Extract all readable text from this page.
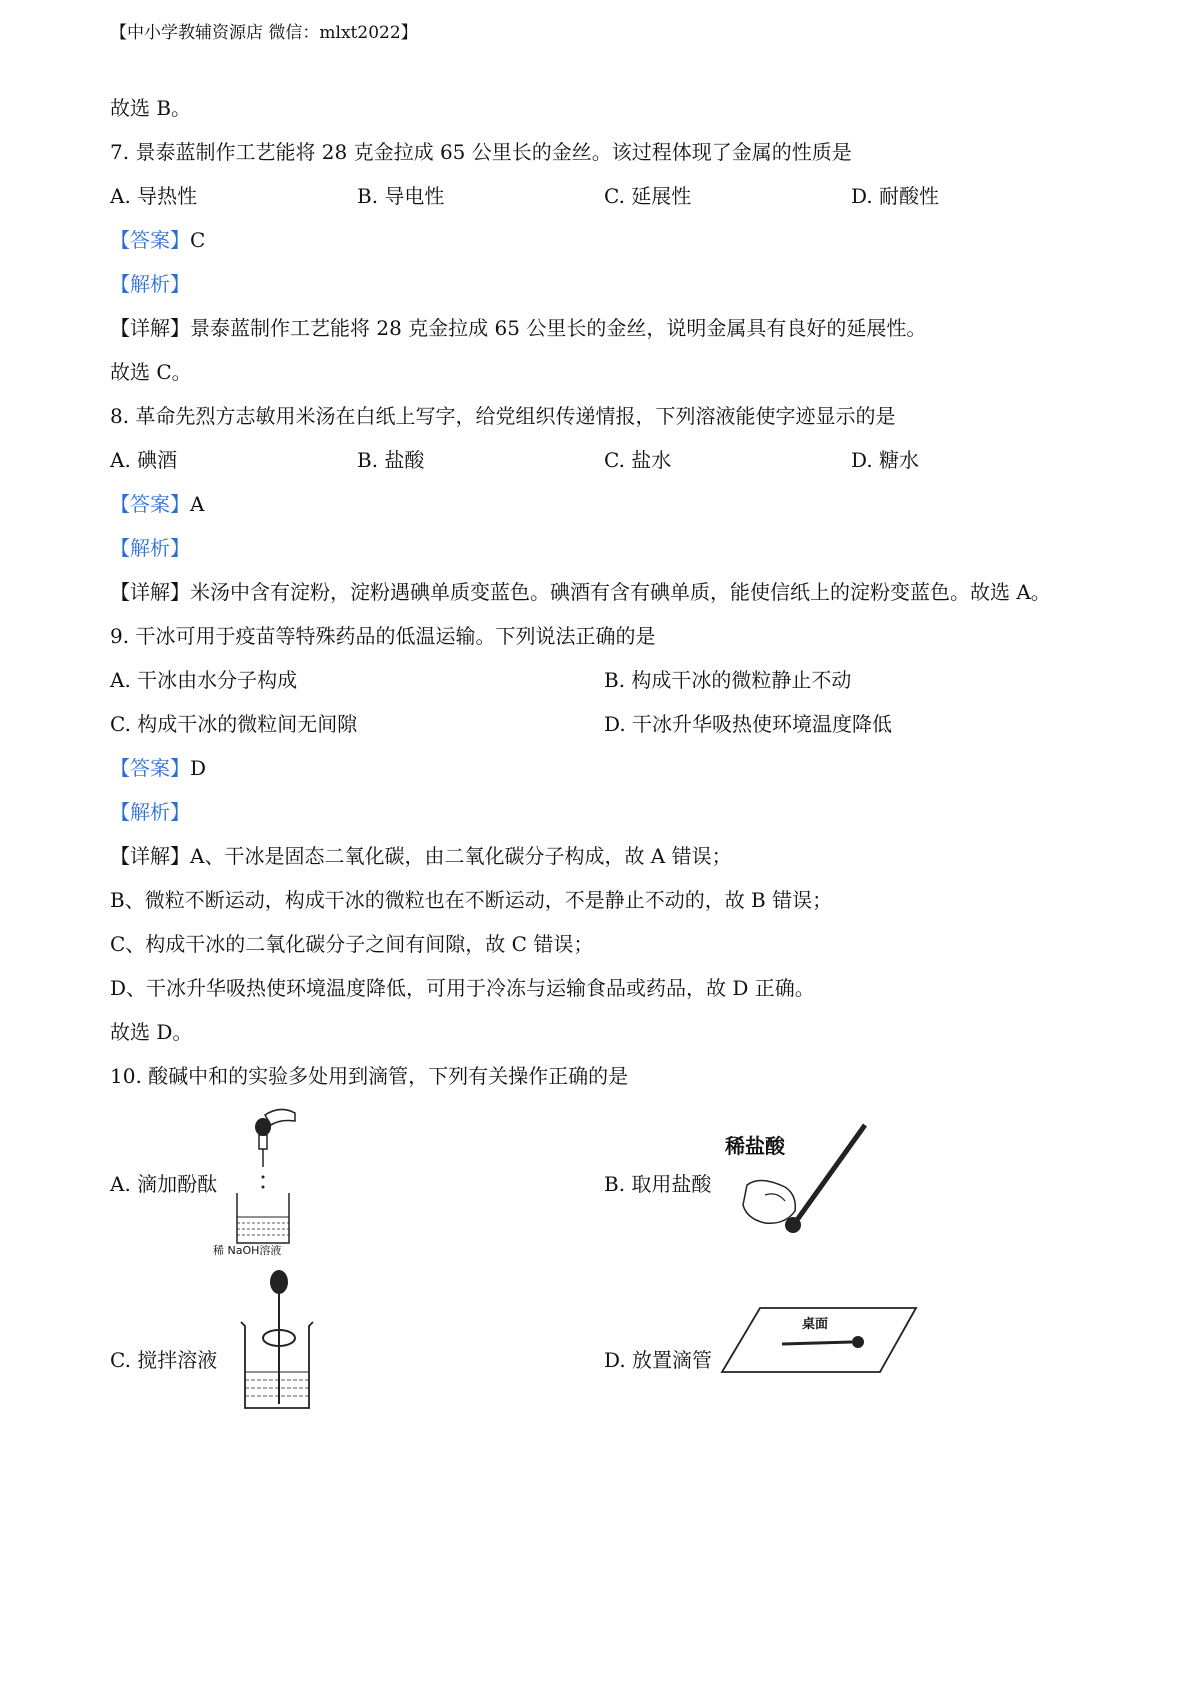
【中小学教辅资源店 微信：mlxt2022】
故选 B。
7. 景泰蓝制作工艺能将 28 克金拉成 65 公里长的金丝。该过程体现了金属的性质是
A. 导热性	B. 导电性	C. 延展性	D. 耐酸性
【答案】C
【解析】
【详解】景泰蓝制作工艺能将 28 克金拉成 65 公里长的金丝，说明金属具有良好的延展性。
故选 C。
8. 革命先烈方志敏用米汤在白纸上写字，给党组织传递情报，下列溶液能使字迹显示的是
A. 碘酒	B. 盐酸	C. 盐水	D. 糖水
【答案】A
【解析】
【详解】米汤中含有淀粉，淀粉遇碘单质变蓝色。碘酒有含有碘单质，能使信纸上的淀粉变蓝色。故选 A。
9. 干冰可用于疫苗等特殊药品的低温运输。下列说法正确的是
A. 干冰由水分子构成	B. 构成干冰的微粒静止不动
C. 构成干冰的微粒间无间隙	D. 干冰升华吸热使环境温度降低
【答案】D
【解析】
【详解】A、干冰是固态二氧化碳，由二氧化碳分子构成，故 A 错误；
B、微粒不断运动，构成干冰的微粒也在不断运动，不是静止不动的，故 B 错误；
C、构成干冰的二氧化碳分子之间有间隙，故 C 错误；
D、干冰升华吸热使环境温度降低，可用于冷冻与运输食品或药品，故 D 正确。
故选 D。
10. 酸碱中和的实验多处用到滴管，下列有关操作正确的是
A. 滴加酚酞	B. 取用盐酸
C. 搅拌溶液	D. 放置滴管
稀 NaOH溶液
稀盐酸
桌面
